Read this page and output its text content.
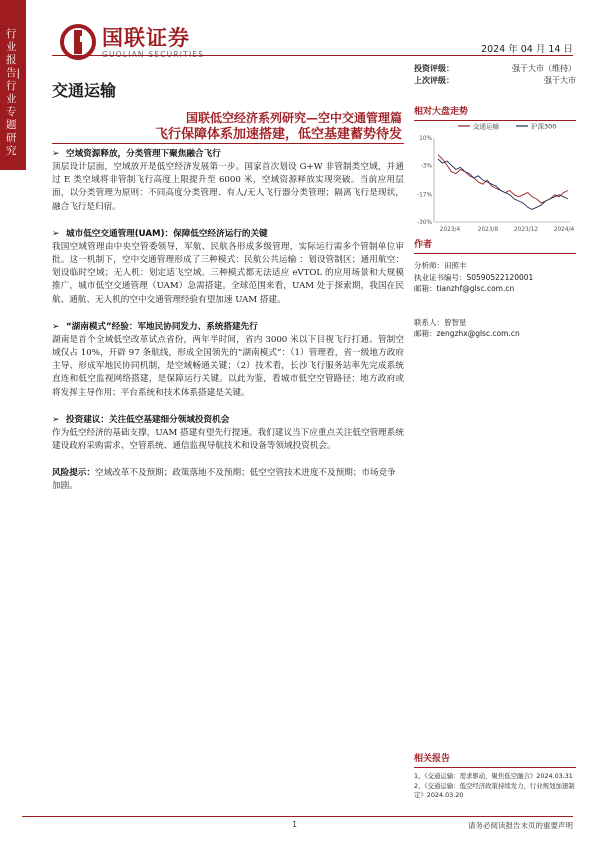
行业报告|行业专题研究
国联证券
GUOLIAN SECURITIES	2024 年 04 月 14 日
交通运输
国联低空经济系列研究—空中交通管理篇
飞行保障体系加速搭建，低空基建蓄势待发
➢ 空域资源释放，分类管理下聚焦融合飞行
顶层设计层面，空域放开是低空经济发展第一步。国家首次划设 G+W 非管制类空域，并通过 E 类空域将非管制飞行高度上限提升至 6000 米，空域资源释放实现突破。当前应用层面，以分类管理为原则：不同高度分类管理、有人/无人飞行器分类管理；隔离飞行是现状，融合飞行是归宿。
➢ 城市低空交通管理(UAM)：保障低空经济运行的关键
我国空域管理由中央空管委领导，军航、民航各形成多级管理，实际运行需多个管制单位审批。这一机制下，空中交通管理形成了三种模式：民航公共运输 ：划设管制区；通用航空：划设临时空域；无人机：划定适飞空域。三种模式都无法适应 eVTOL 的应用场景和大规模推广，城市低空交通管理（UAM）急需搭建。全球范围来看，UAM 处于探索期，我国在民航、通航、无人机的空中交通管理经验有望加速 UAM 搭建。
➢ “湖南模式”经验：军地民协同发力、系统搭建先行
湖南是首个全域低空改革试点省份，两年半时间，省内 3000 米以下目视飞行打通、管制空域仅占 10%，开辟 97 条航线，形成全国领先的“湖南模式”：（1）管理看，省一级地方政府主导、形成军地民协同机制，是空域畅通关键；（2）技术看，长沙飞行服务站率先完成系统直连和低空监视网络搭建，是保障运行关键。以此为鉴，看城市低空空管路径：地方政府或将发挥主导作用；平台系统和技术体系搭建是关键。
➢ 投资建议：关注低空基建细分领域投资机会
作为低空经济的基础支撑，UAM 搭建有望先行提速。我们建议当下应重点关注低空管理系统建设政府采购需求、空管系统、通信监视导航技术和设备等领域投资机会。
风险提示：空域改革不及预期；政策落地不及预期；低空空管技术进度不及预期；市场竞争加剧。
投资评级：	强于大市（维持）
上次评级：	强于大市
相对大盘走势
交通运输	沪深300
10%
-3%
-17%
-30%
2023/4	2023/8	2023/12	2024/4
作者
分析师：田照丰
执业证书编号：S0590522120001
邮箱：tianzhf@glsc.com.cn
联系人：曾智星
邮箱：zengzhx@glsc.com.cn
相关报告
1、《交通运输：需求驱动，聚焦低空融合》2024.03.31
2、《交通运输：低空经济政策持续发力，行业规划加速制定》2024.03.20
1	请务必阅读报告末页的重要声明
